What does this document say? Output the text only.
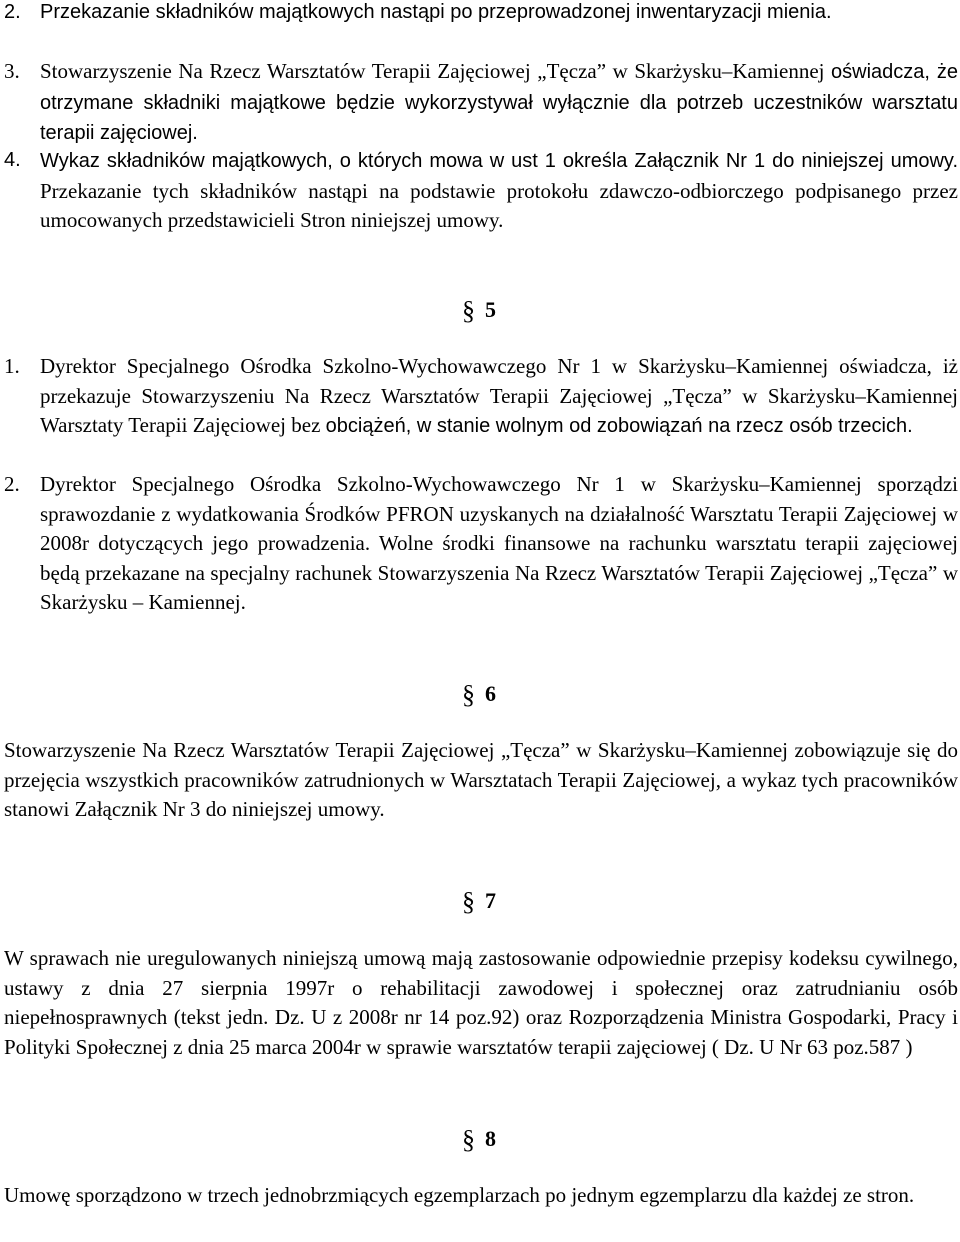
2. Przekazanie składników majątkowych nastąpi po przeprowadzonej inwentaryzacji mienia.
3. Stowarzyszenie Na Rzecz Warsztatów Terapii Zajęciowej „Tęcza” w Skarżysku–Kamiennej oświadcza, że otrzymane składniki majątkowe będzie wykorzystywał wyłącznie dla potrzeb uczestników warsztatu terapii zajęciowej.
4. Wykaz składników majątkowych, o których mowa w ust 1 określa Załącznik Nr 1 do niniejszej umowy. Przekazanie tych składników nastąpi na podstawie protokołu zdawczo-odbiorczego podpisanego przez umocowanych przedstawicieli Stron niniejszej umowy.
§ 5
1. Dyrektor Specjalnego Ośrodka Szkolno-Wychowawczego Nr 1 w Skarżysku–Kamiennej oświadcza, iż przekazuje Stowarzyszeniu Na Rzecz Warsztatów Terapii Zajęciowej „Tęcza” w Skarżysku–Kamiennej Warsztaty Terapii Zajęciowej bez obciążeń, w stanie wolnym od zobowiązań na rzecz osób trzecich.
2. Dyrektor Specjalnego Ośrodka Szkolno-Wychowawczego Nr 1 w Skarżysku–Kamiennej sporządzi sprawozdanie z wydatkowania Środków PFRON uzyskanych na działalność Warsztatu Terapii Zajęciowej w 2008r dotyczących jego prowadzenia. Wolne środki finansowe na rachunku warsztatu terapii zajęciowej będą przekazane na specjalny rachunek Stowarzyszenia Na Rzecz Warsztatów Terapii Zajęciowej „Tęcza” w Skarżysku – Kamiennej.
§ 6
Stowarzyszenie Na Rzecz Warsztatów Terapii Zajęciowej „Tęcza” w Skarżysku–Kamiennej zobowiązuje się do przejęcia wszystkich pracowników zatrudnionych w Warsztatach Terapii Zajęciowej, a wykaz tych pracowników stanowi Załącznik Nr 3 do niniejszej umowy.
§ 7
W sprawach nie uregulowanych niniejszą umową mają zastosowanie odpowiednie przepisy kodeksu cywilnego, ustawy z dnia 27 sierpnia 1997r o rehabilitacji zawodowej i społecznej oraz zatrudnianiu osób niepełnosprawnych (tekst jedn. Dz. U z 2008r nr 14 poz.92) oraz Rozporządzenia Ministra Gospodarki, Pracy i Polityki Społecznej z dnia 25 marca 2004r w sprawie warsztatów terapii zajęciowej ( Dz. U Nr 63 poz.587 )
§ 8
Umowę sporządzono w trzech jednobrzmiących egzemplarzach po jednym egzemplarzu dla każdej ze stron.
